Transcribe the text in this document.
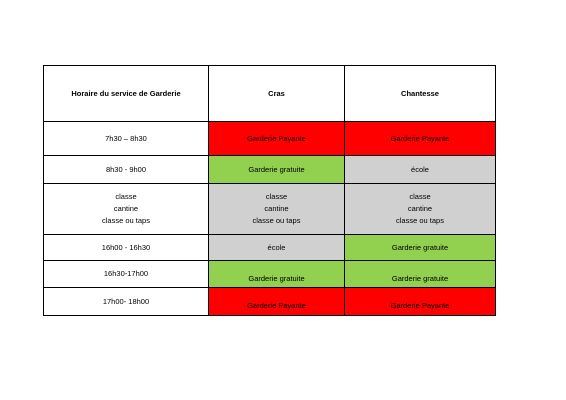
Horaire du service de Garderie	Cras	Chantesse

7h30 – 8h30	Garderie Payante	Garderie Payante

8h30 - 9h00	Garderie gratuite	école

classe
cantine
classe ou taps	classe
cantine
classe ou taps	classe
cantine
classe ou taps

16h00 - 16h30	école	Garderie gratuite

16h30-17h00	Garderie gratuite	Garderie gratuite

17h00- 18h00	Garderie Payante	Garderie Payante
